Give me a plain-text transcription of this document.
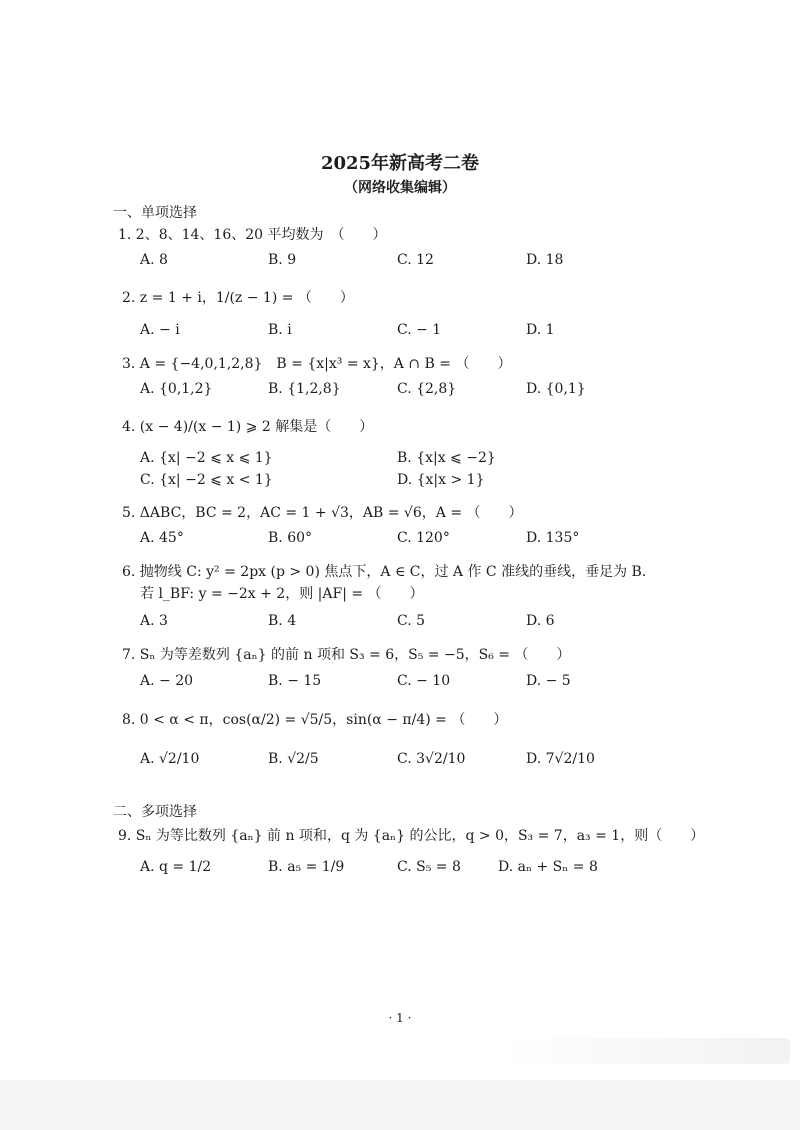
2025年新高考二卷
（网络收集编辑）
一、单项选择
1. 2、8、14、16、20 平均数为　（　　）
A. 8	B. 9	C. 12	D. 18
2. z = 1 + i，1/(z − 1) = （　　）
A. − i	B. i	C. − 1	D. 1
3. A = {−4,0,1,2,8}　B = {x|x³ = x}，A ∩ B = （　　）
A. {0,1,2}	B. {1,2,8}	C. {2,8}	D. {0,1}
4. (x − 4)/(x − 1) ⩾ 2 解集是（　　）
A. {x| −2 ⩽ x ⩽ 1}	B. {x|x ⩽ −2}
C. {x| −2 ⩽ x < 1}	D. {x|x > 1}
5. ΔABC，BC = 2，AC = 1 + √3，AB = √6，A = （　　）
A. 45°	B. 60°	C. 120°	D. 135°
6. 抛物线 C: y² = 2px (p > 0) 焦点下，A ∈ C，过 A 作 C 准线的垂线，垂足为 B．
若 l_BF: y = −2x + 2，则 |AF| = （　　）
A. 3	B. 4	C. 5	D. 6
7. Sₙ 为等差数列 {aₙ} 的前 n 项和 S₃ = 6，S₅ = −5，S₆ = （　　）
A. − 20	B. − 15	C. − 10	D. − 5
8. 0 < α < π，cos(α/2) = √5/5，sin(α − π/4) = （　　）
A. √2/10	B. √2/5	C. 3√2/10	D. 7√2/10
二、多项选择
9. Sₙ 为等比数列 {aₙ} 前 n 项和，q 为 {aₙ} 的公比，q > 0，S₃ = 7，a₃ = 1，则（　　）
A. q = 1/2	B. a₅ = 1/9	C. S₅ = 8	D. aₙ + Sₙ = 8
· 1 ·
